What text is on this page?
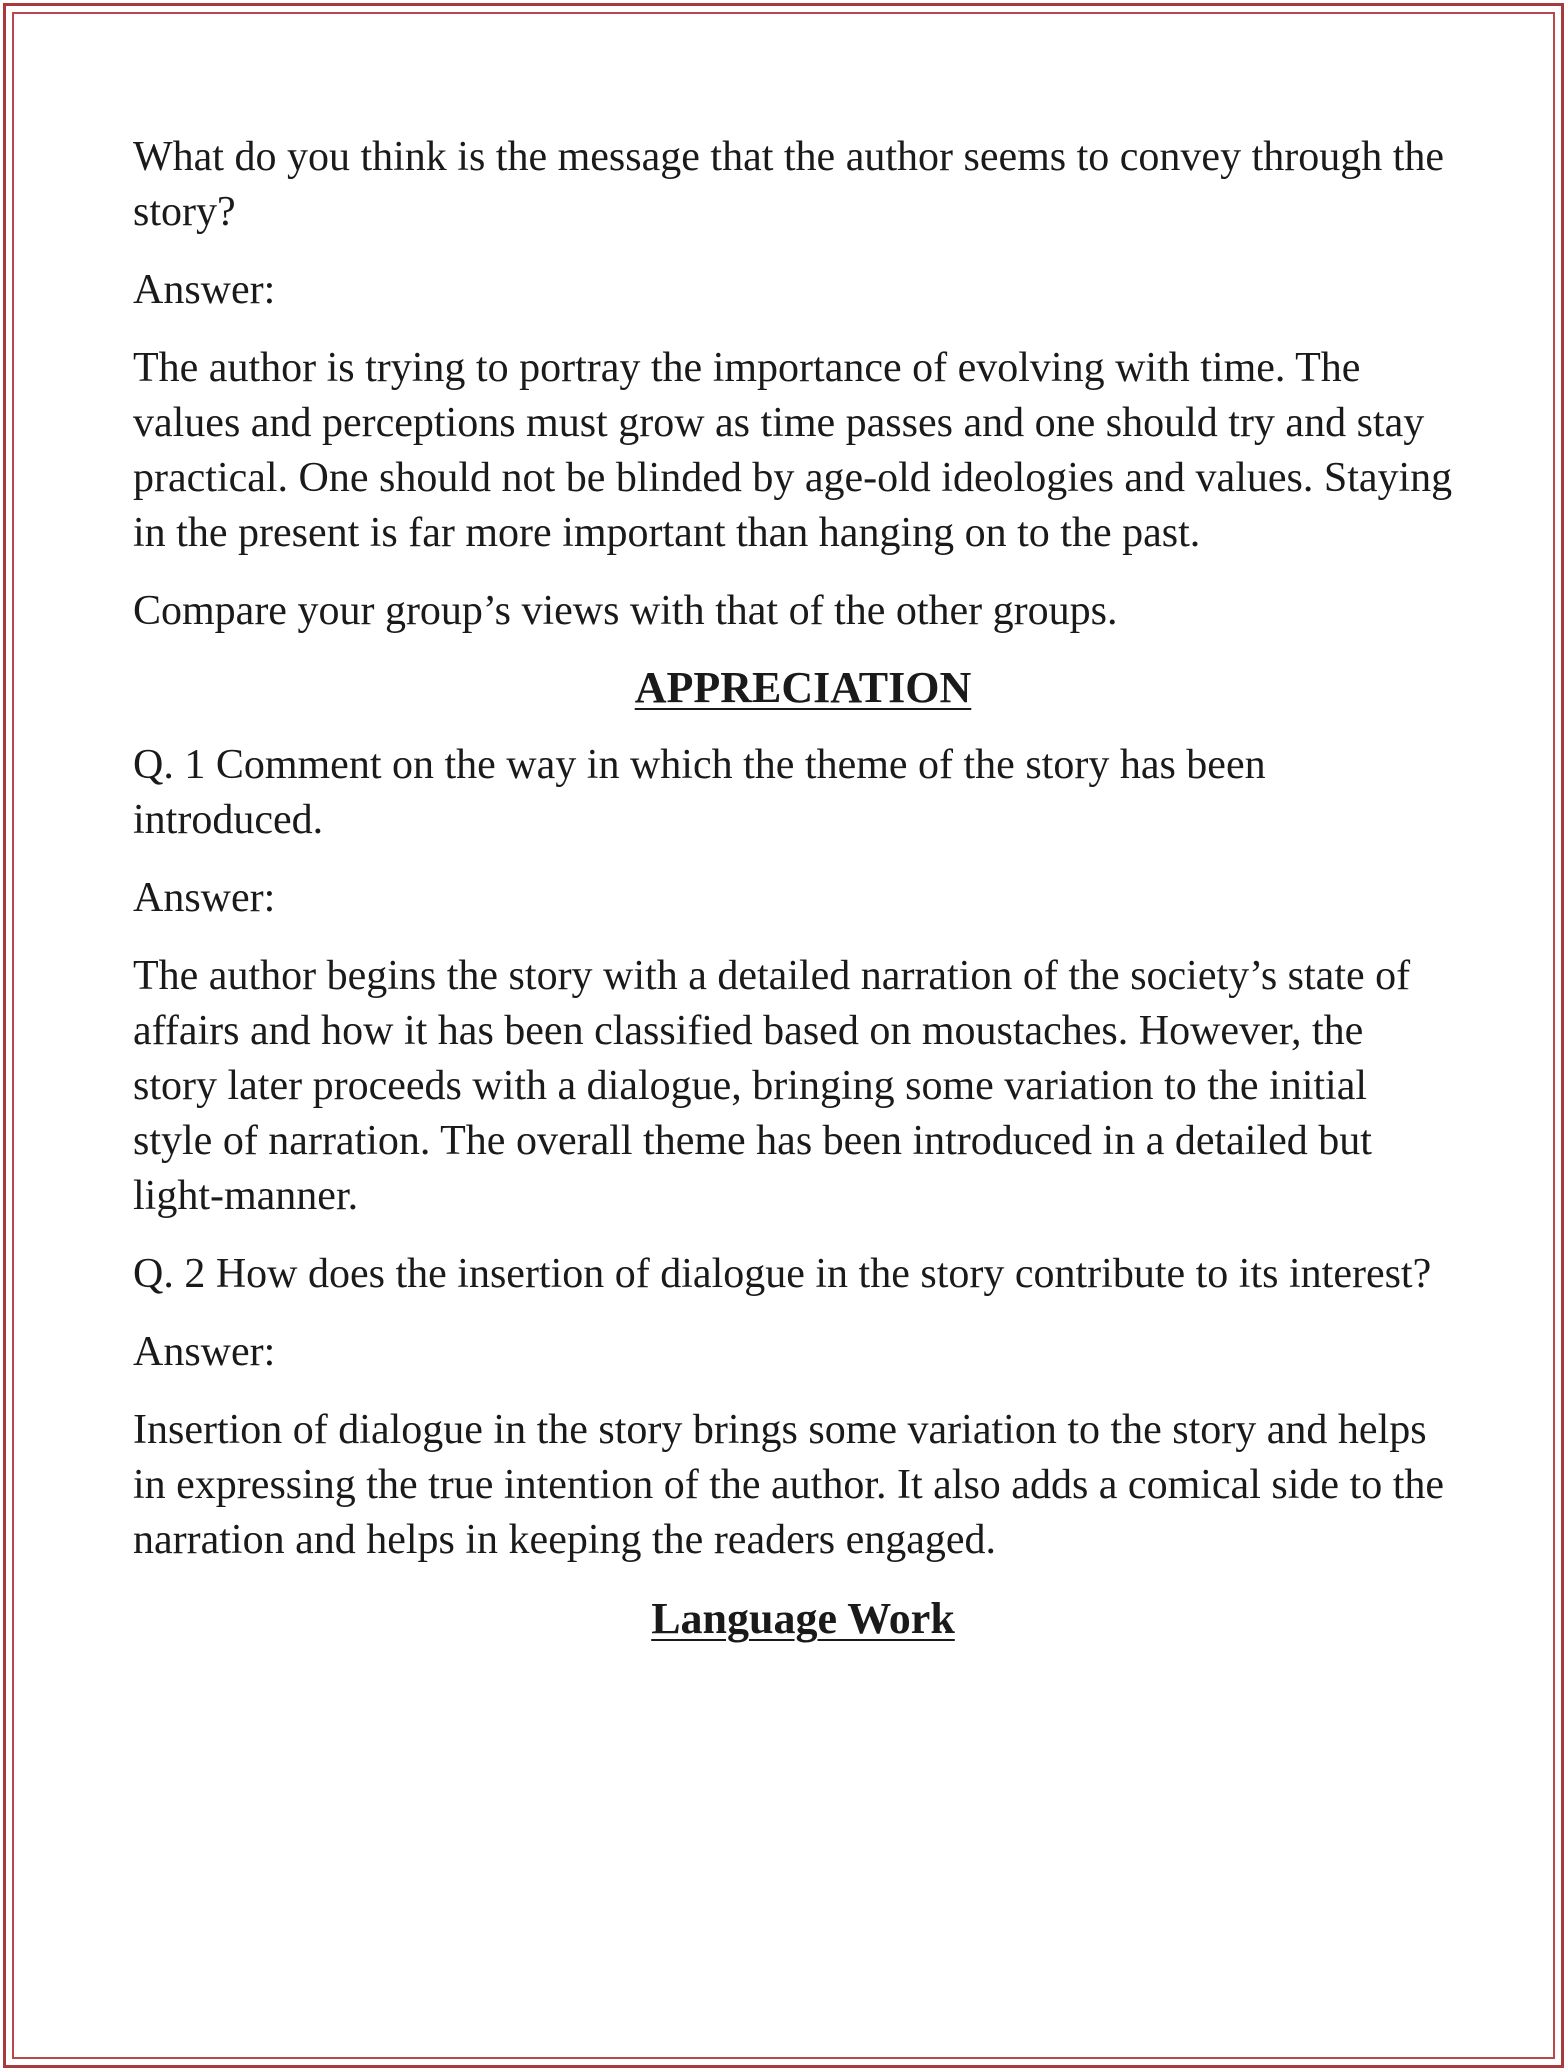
What do you think is the message that the author seems to convey through the story?

Answer:

The author is trying to portray the importance of evolving with time. The values and perceptions must grow as time passes and one should try and stay practical. One should not be blinded by age-old ideologies and values. Staying in the present is far more important than hanging on to the past.

Compare your group’s views with that of the other groups.

APPRECIATION

Q. 1 Comment on the way in which the theme of the story has been introduced.

Answer:

The author begins the story with a detailed narration of the society’s state of affairs and how it has been classified based on moustaches. However, the story later proceeds with a dialogue, bringing some variation to the initial style of narration. The overall theme has been introduced in a detailed but light-manner.

Q. 2 How does the insertion of dialogue in the story contribute to its interest?

Answer:

Insertion of dialogue in the story brings some variation to the story and helps in expressing the true intention of the author. It also adds a comical side to the narration and helps in keeping the readers engaged.

Language Work
